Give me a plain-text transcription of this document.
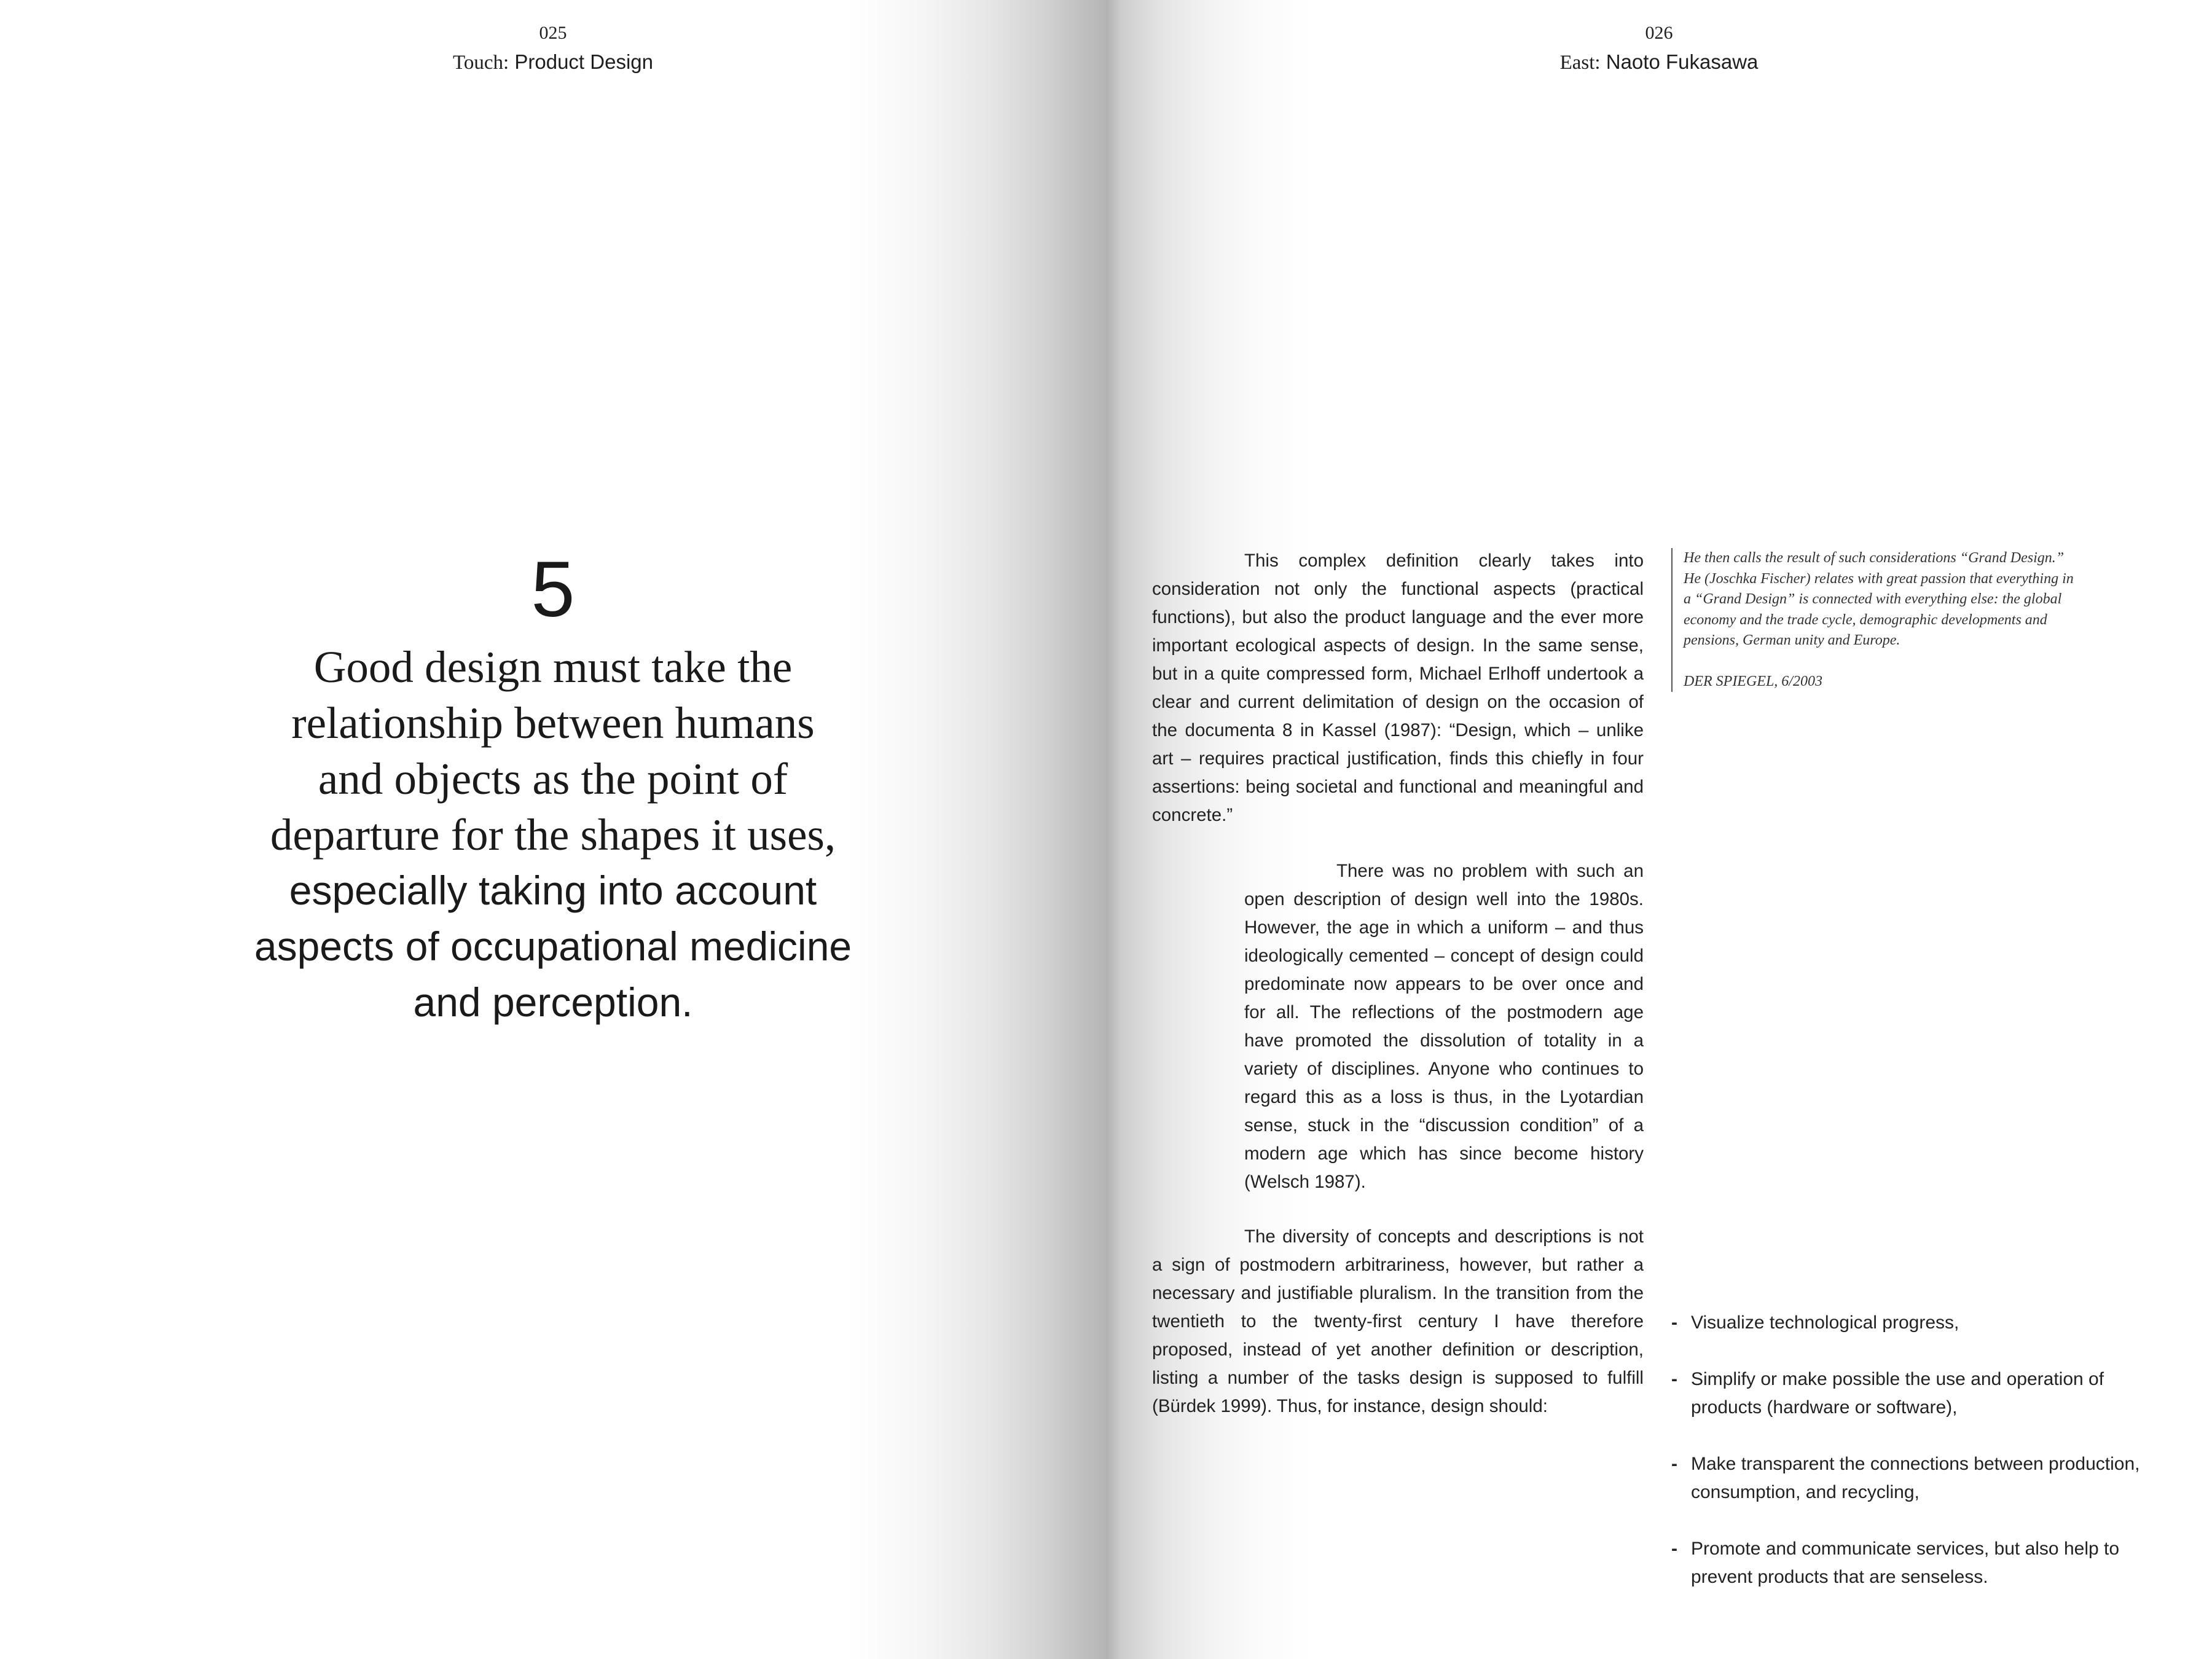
025
Touch: Product Design
5
Good design must take the
relationship between humans
and objects as the point of
departure for the shapes it uses,
especially taking into account
aspects of occupational medicine
and perception.
026
East: Naoto Fukasawa

This complex definition clearly takes into consideration not only the functional aspects (practical functions), but also the product language and the ever more important ecological aspects of design. In the same sense, but in a quite compressed form, Michael Erlhoff undertook a clear and current delimitation of design on the occasion of the documenta 8 in Kassel (1987): “Design, which – unlike art – requires practical justification, finds this chiefly in four assertions: being societal and functional and meaningful and concrete.”

There was no problem with such an open description of design well into the 1980s. However, the age in which a uniform – and thus ideologically cemented – concept of design could predominate now appears to be over once and for all. The reflections of the postmodern age have promoted the dissolution of totality in a variety of disciplines. Anyone who continues to regard this as a loss is thus, in the Lyotardian sense, stuck in the “discussion condition” of a modern age which has since become history (Welsch 1987).

The diversity of concepts and descriptions is not a sign of postmodern arbitrariness, however, but rather a necessary and justifiable pluralism. In the transition from the twentieth to the twenty-first century I have therefore proposed, instead of yet another definition or description, listing a number of the tasks design is supposed to fulfill (Bürdek 1999). Thus, for instance, design should:

He then calls the result of such considerations “Grand Design.” He (Joschka Fischer) relates with great passion that everything in a “Grand Design” is connected with everything else: the global economy and the trade cycle, demographic developments and pensions, German unity and Europe.
DER SPIEGEL, 6/2003
- Visualize technological progress,
- Simplify or make possible the use and operation of products (hardware or software),
- Make transparent the connections between production, consumption, and recycling,
- Promote and communicate services, but also help to prevent products that are senseless.
